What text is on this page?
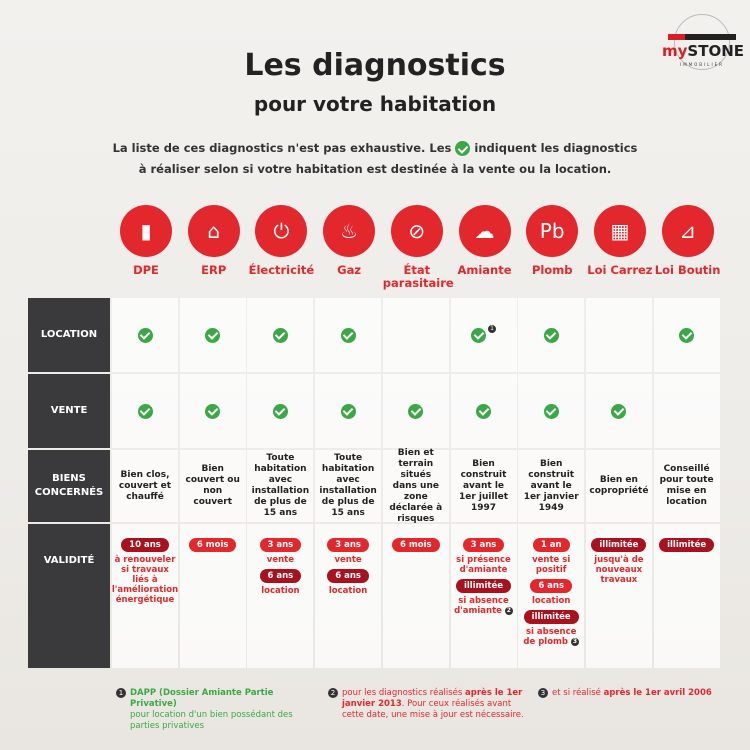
mySTONE
IMMOBILIER
Les diagnostics
pour votre habitation
La liste de ces diagnostics n'est pas exhaustive. Les indiquent les diagnostics
à réaliser selon si votre habitation est destinée à la vente ou la location.
▮
DPE
⌂
ERP
⏻
Électricité
♨
Gaz
⊘
État parasitaire
☁
Amiante
Pb
Plomb
▦
Loi Carrez
⊿
Loi Boutin
LOCATION
VENTE
BIENS CONCERNÉS
VALIDITÉ
Bien clos, couvert et chauffé
10 ans
à renouveler si travaux liés à l'amélioration énergétique
Bien couvert ou non couvert
6 mois
Toute habitation avec installation de plus de 15 ans
3 ans
vente
6 ans
location
Toute habitation avec installation de plus de 15 ans
3 ans
vente
6 ans
location
Bien et terrain situés dans une zone déclarée à risques
6 mois
1
Bien construit avant le 1er juillet 1997
3 ans
si présence d'amiante
illimitée
si absence d'amiante 2
Bien construit avant le 1er janvier 1949
1 an
vente si positif
6 ans
location
illimitée
si absence de plomb 3
Bien en copropriété
illimitée
jusqu'à de nouveaux travaux
Conseillé pour toute mise en location
illimitée
1 DAPP (Dossier Amiante Partie Privative)
pour location d'un bien possédant des parties privatives
2 pour les diagnostics réalisés après le 1er janvier 2013. Pour ceux réalisés avant cette date, une mise à jour est nécessaire.
3 et si réalisé après le 1er avril 2006
